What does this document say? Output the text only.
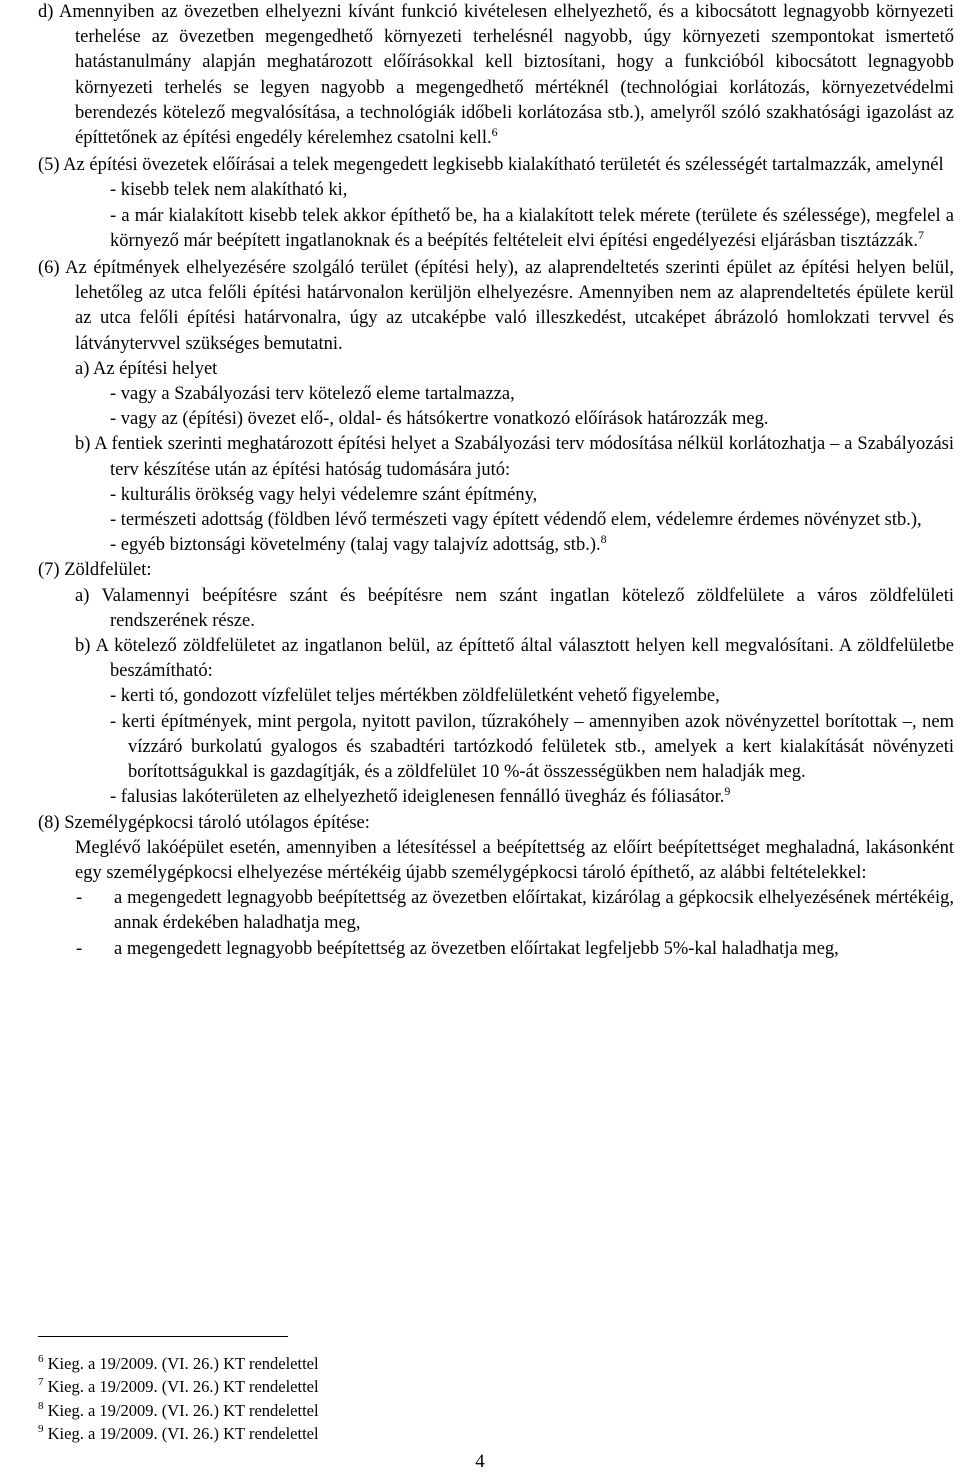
d) Amennyiben az övezetben elhelyezni kívánt funkció kivételesen elhelyezhető, és a kibocsátott legnagyobb környezeti terhelése az övezetben megengedhető környezeti terhelésnél nagyobb, úgy környezeti szempontokat ismertető hatástanulmány alapján meghatározott előírásokkal kell biztosítani, hogy a funkcióból kibocsátott legnagyobb környezeti terhelés se legyen nagyobb a megengedhető mértéknél (technológiai korlátozás, környezetvédelmi berendezés kötelező megvalósítása, a technológiák időbeli korlátozása stb.), amelyről szóló szakhatósági igazolást az építtetőnek az építési engedély kérelemhez csatolni kell.$^6$

(5) Az építési övezetek előírásai a telek megengedett legkisebb kialakítható területét és szélességét tartalmazzák, amelynél

- kisebb telek nem alakítható ki,

- a már kialakított kisebb telek akkor építhető be, ha a kialakított telek mérete (területe és szélessége), megfelel a környező már beépített ingatlanoknak és a beépítés feltételeit elvi építési engedélyezési eljárásban tisztázzák.$^7$

(6) Az építmények elhelyezésére szolgáló terület (építési hely), az alaprendeltetés szerinti épület az építési helyen belül, lehetőleg az utca felőli építési határvonalon kerüljön elhelyezésre. Amennyiben nem az alaprendeltetés épülete kerül az utca felőli építési határvonalra, úgy az utcaképbe való illeszkedést, utcaképet ábrázoló homlokzati tervvel és látványtervvel szükséges bemutatni.

a) Az építési helyet

- vagy a Szabályozási terv kötelező eleme tartalmazza,

- vagy az (építési) övezet elő-, oldal- és hátsókertre vonatkozó előírások határozzák meg.

b) A fentiek szerinti meghatározott építési helyet a Szabályozási terv módosítása nélkül korlátozhatja – a Szabályozási terv készítése után az építési hatóság tudomására jutó:

- kulturális örökség vagy helyi védelemre szánt építmény,

- természeti adottság (földben lévő természeti vagy épített védendő elem, védelemre érdemes növényzet stb.),

- egyéb biztonsági követelmény (talaj vagy talajvíz adottság, stb.).$^8$

(7) Zöldfelület:

a) Valamennyi beépítésre szánt és beépítésre nem szánt ingatlan kötelező zöldfelülete a város zöldfelületi rendszerének része.

b) A kötelező zöldfelületet az ingatlanon belül, az építtető által választott helyen kell megvalósítani. A zöldfelületbe beszámítható:

- kerti tó, gondozott vízfelület teljes mértékben zöldfelületként vehető figyelembe,

- kerti építmények, mint pergola, nyitott pavilon, tűzrakóhely – amennyiben azok növényzettel borítottak –, nem vízzáró burkolatú gyalogos és szabadtéri tartózkodó felületek stb., amelyek a kert kialakítását növényzeti borítottságukkal is gazdagítják, és a zöldfelület 10 %-át összességükben nem haladják meg.

- falusias lakóterületen az elhelyezhető ideiglenesen fennálló üvegház és fóliasátor.$^9$

(8) Személygépkocsi tároló utólagos építése:

Meglévő lakóépület esetén, amennyiben a létesítéssel a beépítettség az előírt beépítettséget meghaladná, lakásonként egy személygépkocsi elhelyezése mértékéig újabb személygépkocsi tároló építhető, az alábbi feltételekkel:

- a megengedett legnagyobb beépítettség az övezetben előírtakat, kizárólag a gépkocsik elhelyezésének mértékéig, annak érdekében haladhatja meg,

- a megengedett legnagyobb beépítettség az övezetben előírtakat legfeljebb 5%-kal haladhatja meg,

$^6$ Kieg. a 19/2009. (VI. 26.) KT rendelettel
$^7$ Kieg. a 19/2009. (VI. 26.) KT rendelettel
$^8$ Kieg. a 19/2009. (VI. 26.) KT rendelettel
$^9$ Kieg. a 19/2009. (VI. 26.) KT rendelettel
4
